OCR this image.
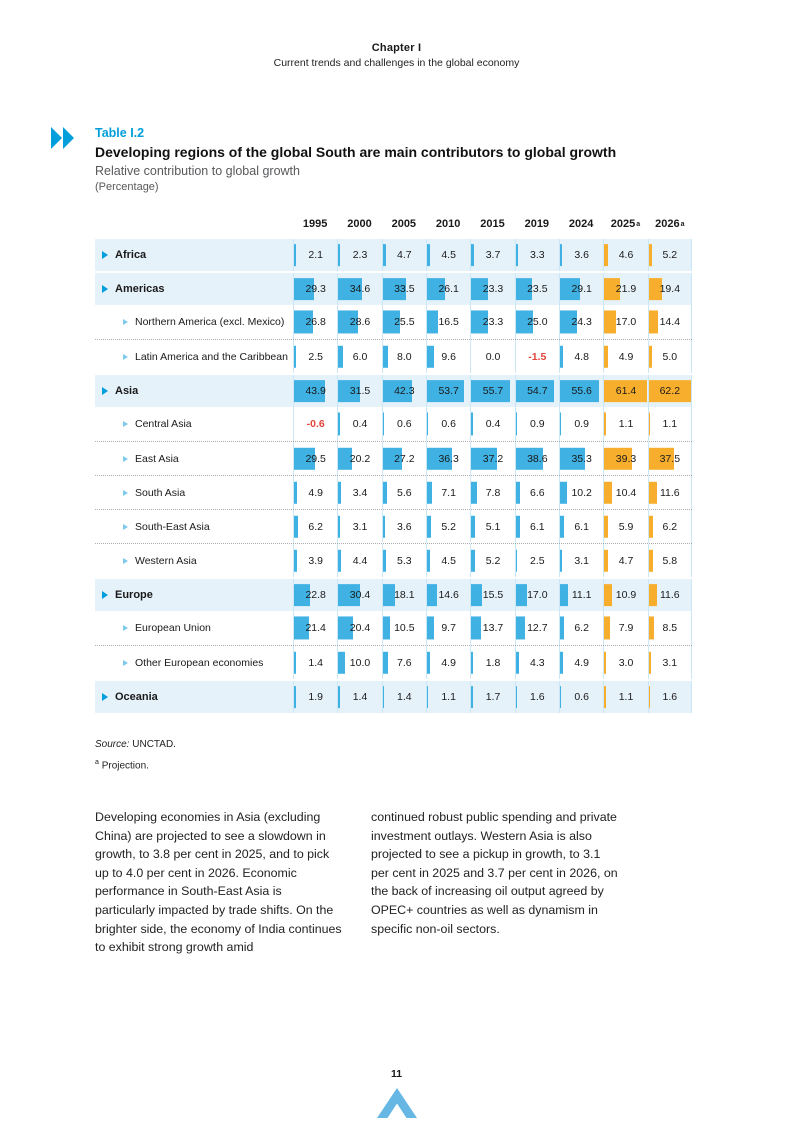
Chapter I
Current trends and challenges in the global economy
Table I.2
Developing regions of the global South are main contributors to global growth
Relative contribution to global growth
(Percentage)
1995	2000	2005	2010	2015	2019	2024	2025 a	2026 a
Africa	2.1	2.3	4.7	4.5	3.7	3.3	3.6	4.6	5.2
Americas	29.3 34.6 33.5 26.1 23.3 23.5 29.1 21.9 19.4
Northern America (excl. Mexico) 26.8 28.6 25.5 16.5 23.3 25.0 24.3 17.0 14.4
Latin America and the Caribbean 2.5	6.0	8.0	9.6	0.0	-1.5	4.8	4.9	5.0
Asia	43.9 31.5 42.3 53.7 55.7 54.7 55.6 61.4 62.2
Central Asia	-0.6	0.4	0.6	0.6	0.4	0.9	0.9	1.1	1.1
East Asia	29.5 20.2 27.2 36.3 37.2 38.6 35.3 39.3 37.5
South Asia	4.9	3.4	5.6	7.1	7.8	6.6	10.2 10.4 11.6
South-East Asia	6.2	3.1	3.6	5.2	5.1	6.1	6.1	5.9	6.2
Western Asia	3.9	4.4	5.3	4.5	5.2	2.5	3.1	4.7	5.8
Europe	22.8 30.4 18.1 14.6 15.5 17.0 11.1 10.9 11.6
European Union	21.4 20.4 10.5	9.7	13.7 12.7	6.2	7.9	8.5
Other European economies	1.4	10.0	7.6	4.9	1.8	4.3	4.9	3.0	3.1
Oceania	1.9	1.4	1.4	1.1	1.7	1.6	0.6	1.1	1.6
Source: UNCTAD.
$^a$ Projection.

Developing economies in Asia (excluding China) are projected to see a slowdown in growth, to 3.8 per cent in 2025, and to pick up to 4.0 per cent in 2026. Economic performance in South-East Asia is particularly impacted by trade shifts. On the brighter side, the economy of India continues to exhibit strong growth amid

continued robust public spending and private investment outlays. Western Asia is also projected to see a pickup in growth, to 3.1 per cent in 2025 and 3.7 per cent in 2026, on the back of increasing oil output agreed by OPEC+ countries as well as dynamism in specific non-oil sectors.

11
